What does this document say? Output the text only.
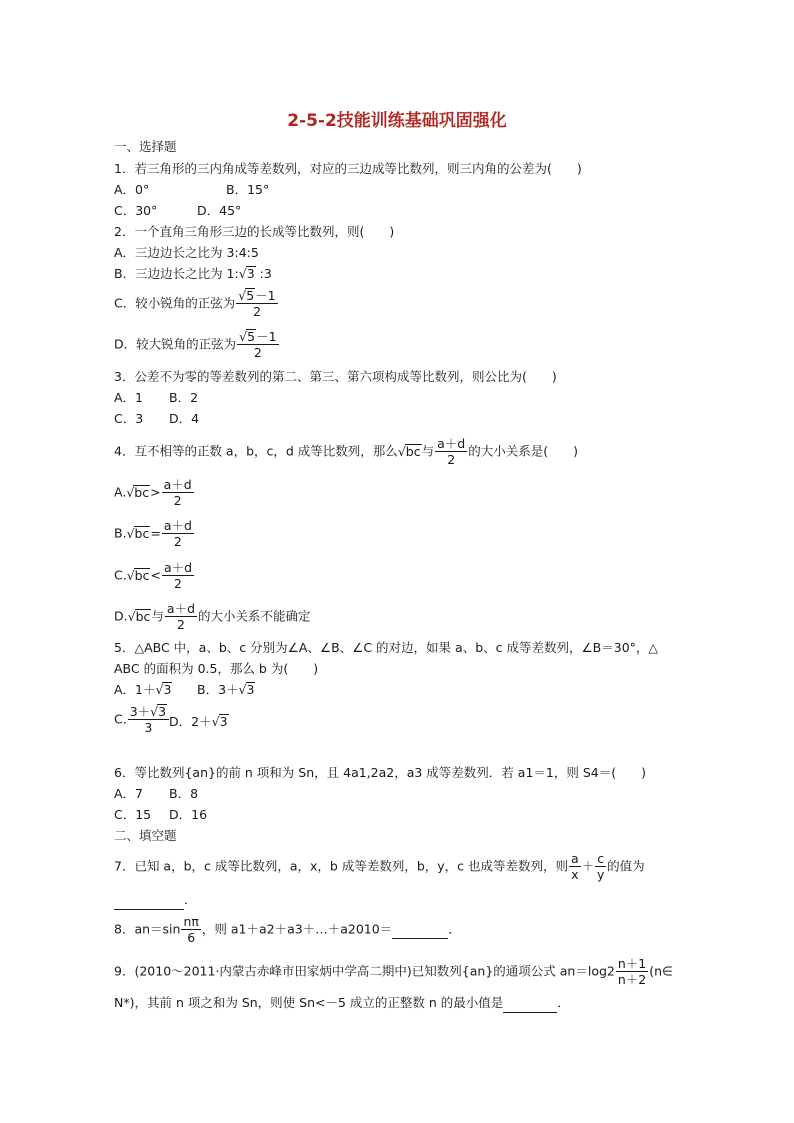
2-5-2技能训练基础巩固强化
一、选择题
1．若三角形的三内角成等差数列，对应的三边成等比数列，则三内角的公差为(　　)
A．0°	B．15°
C．30°	D．45°
2．一个直角三角形三边的长成等比数列，则(　　)
A．三边边长之比为 3:4:5
B．三边边长之比为 1:√3 :3
C．较小锐角的正弦为 $\frac{√5-1}{2}$
D．较大锐角的正弦为 $\frac{√5-1}{2}$
3．公差不为零的等差数列的第二、第三、第六项构成等比数列，则公比为(　　)
A．1 B．2
C．3 D．4
4．互不相等的正数 a，b，c，d 成等比数列，那么√bc与 $\frac{a+d}{2}$ 的大小关系是(　　)
$A.√bc> \frac{a+d}{2}$
$B.√bc= \frac{a+d}{2}$
$C.√bc< \frac{a+d}{2}$
D.√bc与 $\frac{a+d}{2}$ 的大小关系不能确定
5．△ABC 中，a、b、c 分别为∠A、∠B、∠C 的对边，如果 a、b、c 成等差数列，∠B＝30°，△
ABC 的面积为 0.5，那么 b 为(　　)
A．1＋√3 B．3＋√3
C. $\frac{3+√3}{3}$ D．2＋√3
6．等比数列{an}的前 n 项和为 Sn，且 4a1,2a2，a3 成等差数列．若 a1＝1，则 S4＝(　　)
A．7 B．8
C．15 D．16
二、填空题
7．已知 a，b，c 成等比数列，a，x，b 成等差数列，b，y，c 也成等差数列，则 $\frac{a}{x} + \frac{c}{y}$ 的值为
．
8．$an=\sin \frac{n\pi}{6}$ ，则 a1＋a2＋a3＋…＋a2010＝	．
9．(2010～2011·内蒙古赤峰市田家炳中学高二期中)已知数列{an}的通项公式 $an=\log 2 \frac{n+1}{n+2}$ (n∈
N*)，其前 n 项之和为 Sn，则使 Sn<－5 成立的正整数 n 的最小值是	．
